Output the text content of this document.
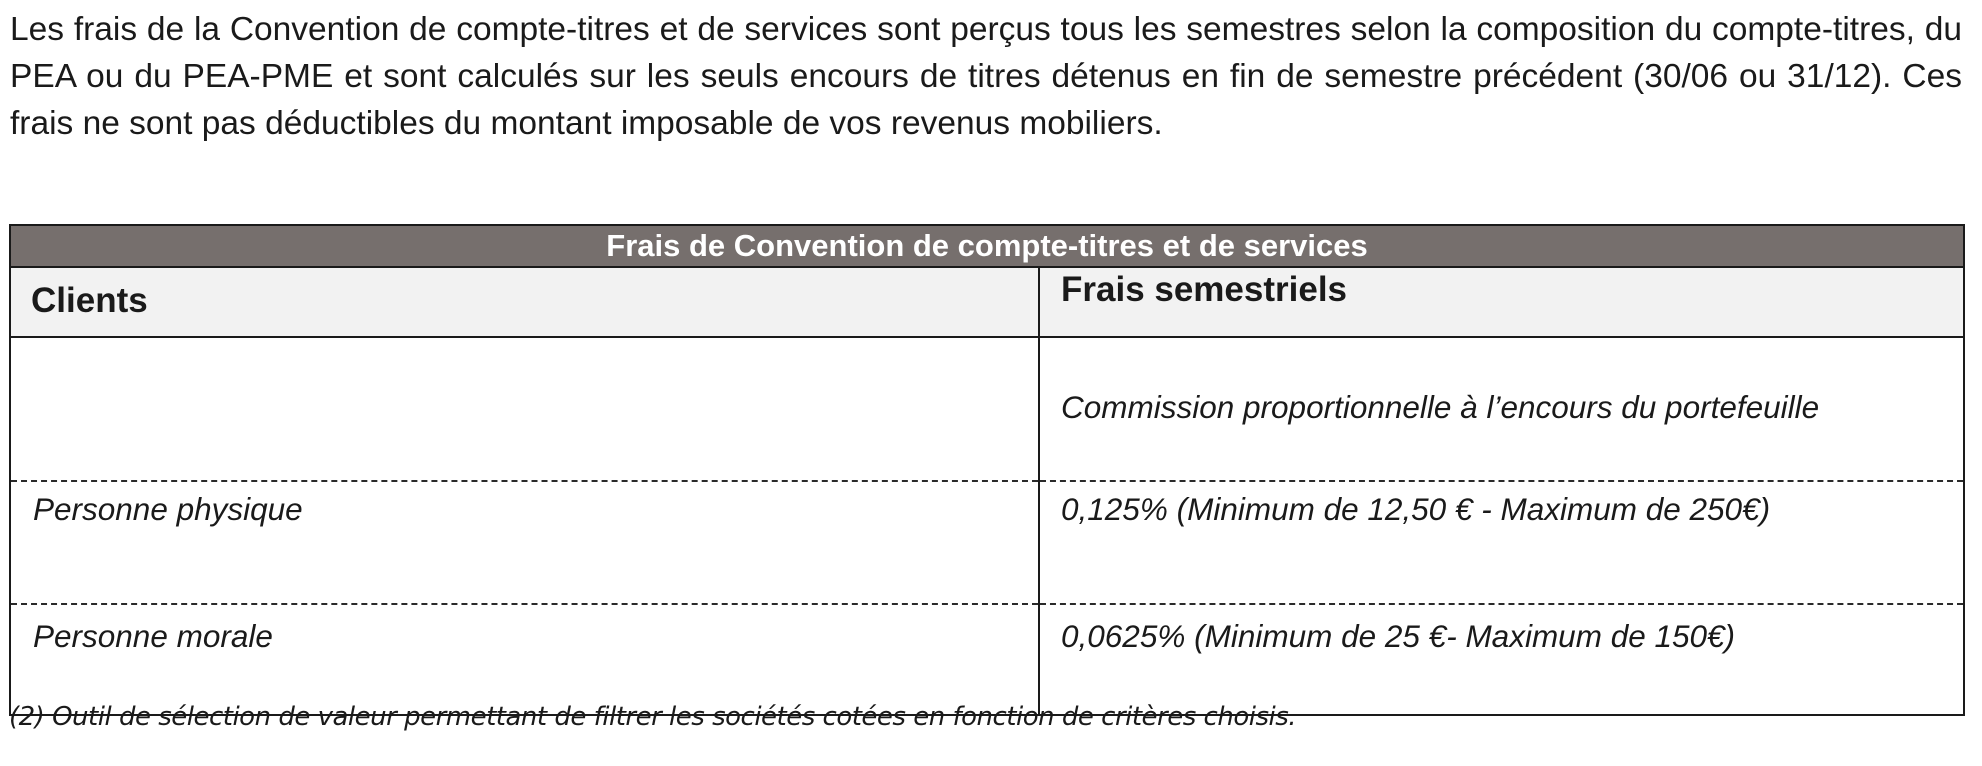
Les frais de la Convention de compte-titres et de services sont perçus tous les semestres selon la composition du compte-titres, du PEA ou du PEA-PME et sont calculés sur les seuls encours de titres détenus en fin de semestre précédent (30/06 ou 31/12). Ces frais ne sont pas déductibles du montant imposable de vos revenus mobiliers.

Frais de Convention de compte-titres et de services	
Clients	Frais semestriels
	Commission proportionnelle à l’encours du portefeuille
Personne physique	0,125% (Minimum de 12,50 € - Maximum de 250€)
Personne morale	0,0625% (Minimum de 25 €- Maximum de 150€)

(2) Outil de sélection de valeur permettant de filtrer les sociétés cotées en fonction de critères choisis.
